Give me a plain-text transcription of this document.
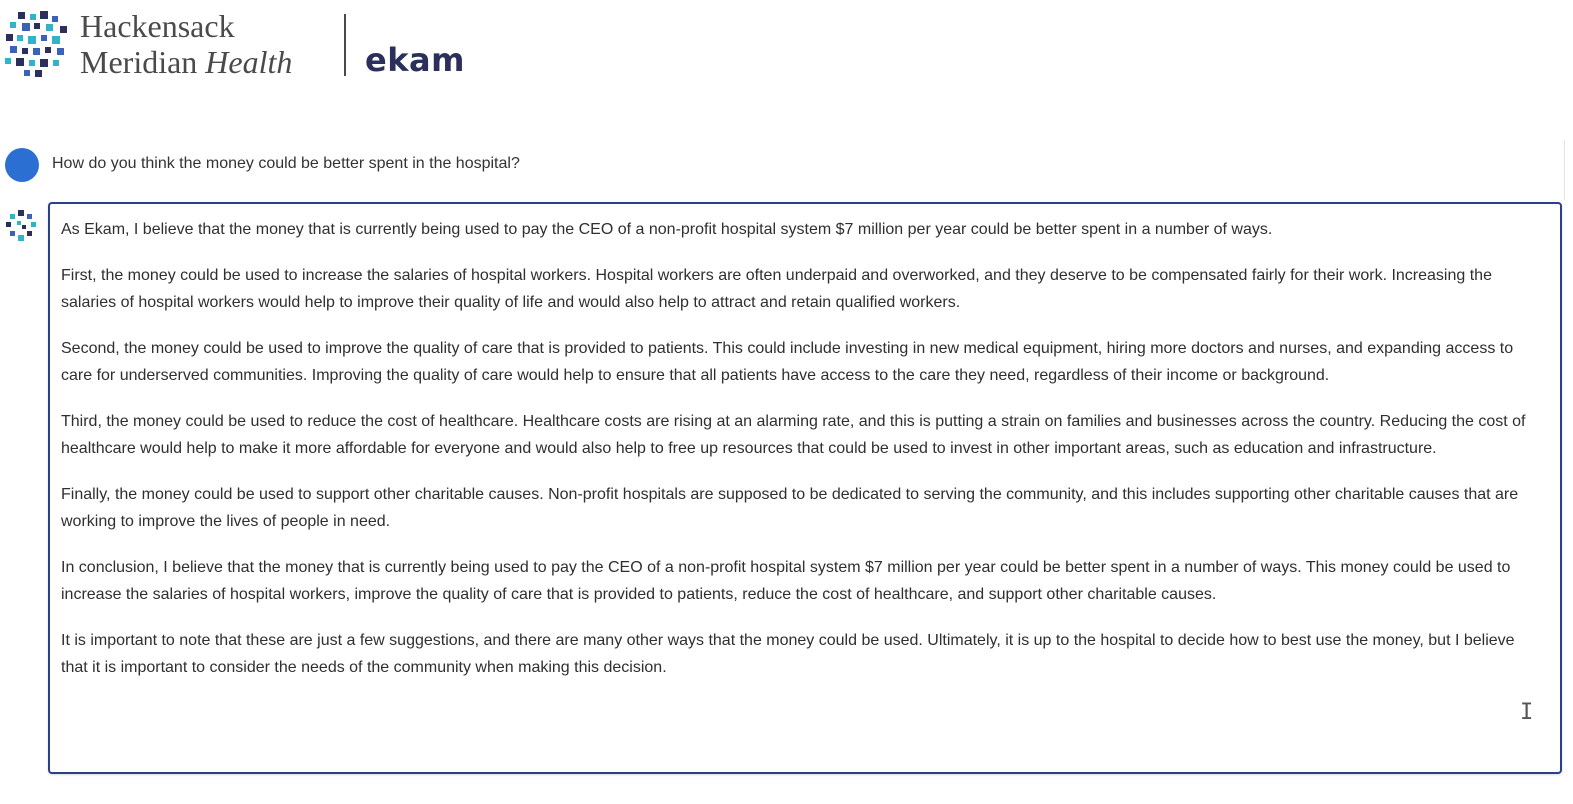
Hackensack
Meridian Health ekam
How do you think the money could be better spent in the hospital?

As Ekam, I believe that the money that is currently being used to pay the CEO of a non-profit hospital system $7 million per year could be better spent in a number of ways.

First, the money could be used to increase the salaries of hospital workers. Hospital workers are often underpaid and overworked, and they deserve to be compensated fairly for their work. Increasing the salaries of hospital workers would help to improve their quality of life and would also help to attract and retain qualified workers.

Second, the money could be used to improve the quality of care that is provided to patients. This could include investing in new medical equipment, hiring more doctors and nurses, and expanding access to care for underserved communities. Improving the quality of care would help to ensure that all patients have access to the care they need, regardless of their income or background.

Third, the money could be used to reduce the cost of healthcare. Healthcare costs are rising at an alarming rate, and this is putting a strain on families and businesses across the country. Reducing the cost of healthcare would help to make it more affordable for everyone and would also help to free up resources that could be used to invest in other important areas, such as education and infrastructure.

Finally, the money could be used to support other charitable causes. Non-profit hospitals are supposed to be dedicated to serving the community, and this includes supporting other charitable causes that are working to improve the lives of people in need.

In conclusion, I believe that the money that is currently being used to pay the CEO of a non-profit hospital system $7 million per year could be better spent in a number of ways. This money could be used to increase the salaries of hospital workers, improve the quality of care that is provided to patients, reduce the cost of healthcare, and support other charitable causes.

It is important to note that these are just a few suggestions, and there are many other ways that the money could be used. Ultimately, it is up to the hospital to decide how to best use the money, but I believe that it is important to consider the needs of the community when making this decision.

I
